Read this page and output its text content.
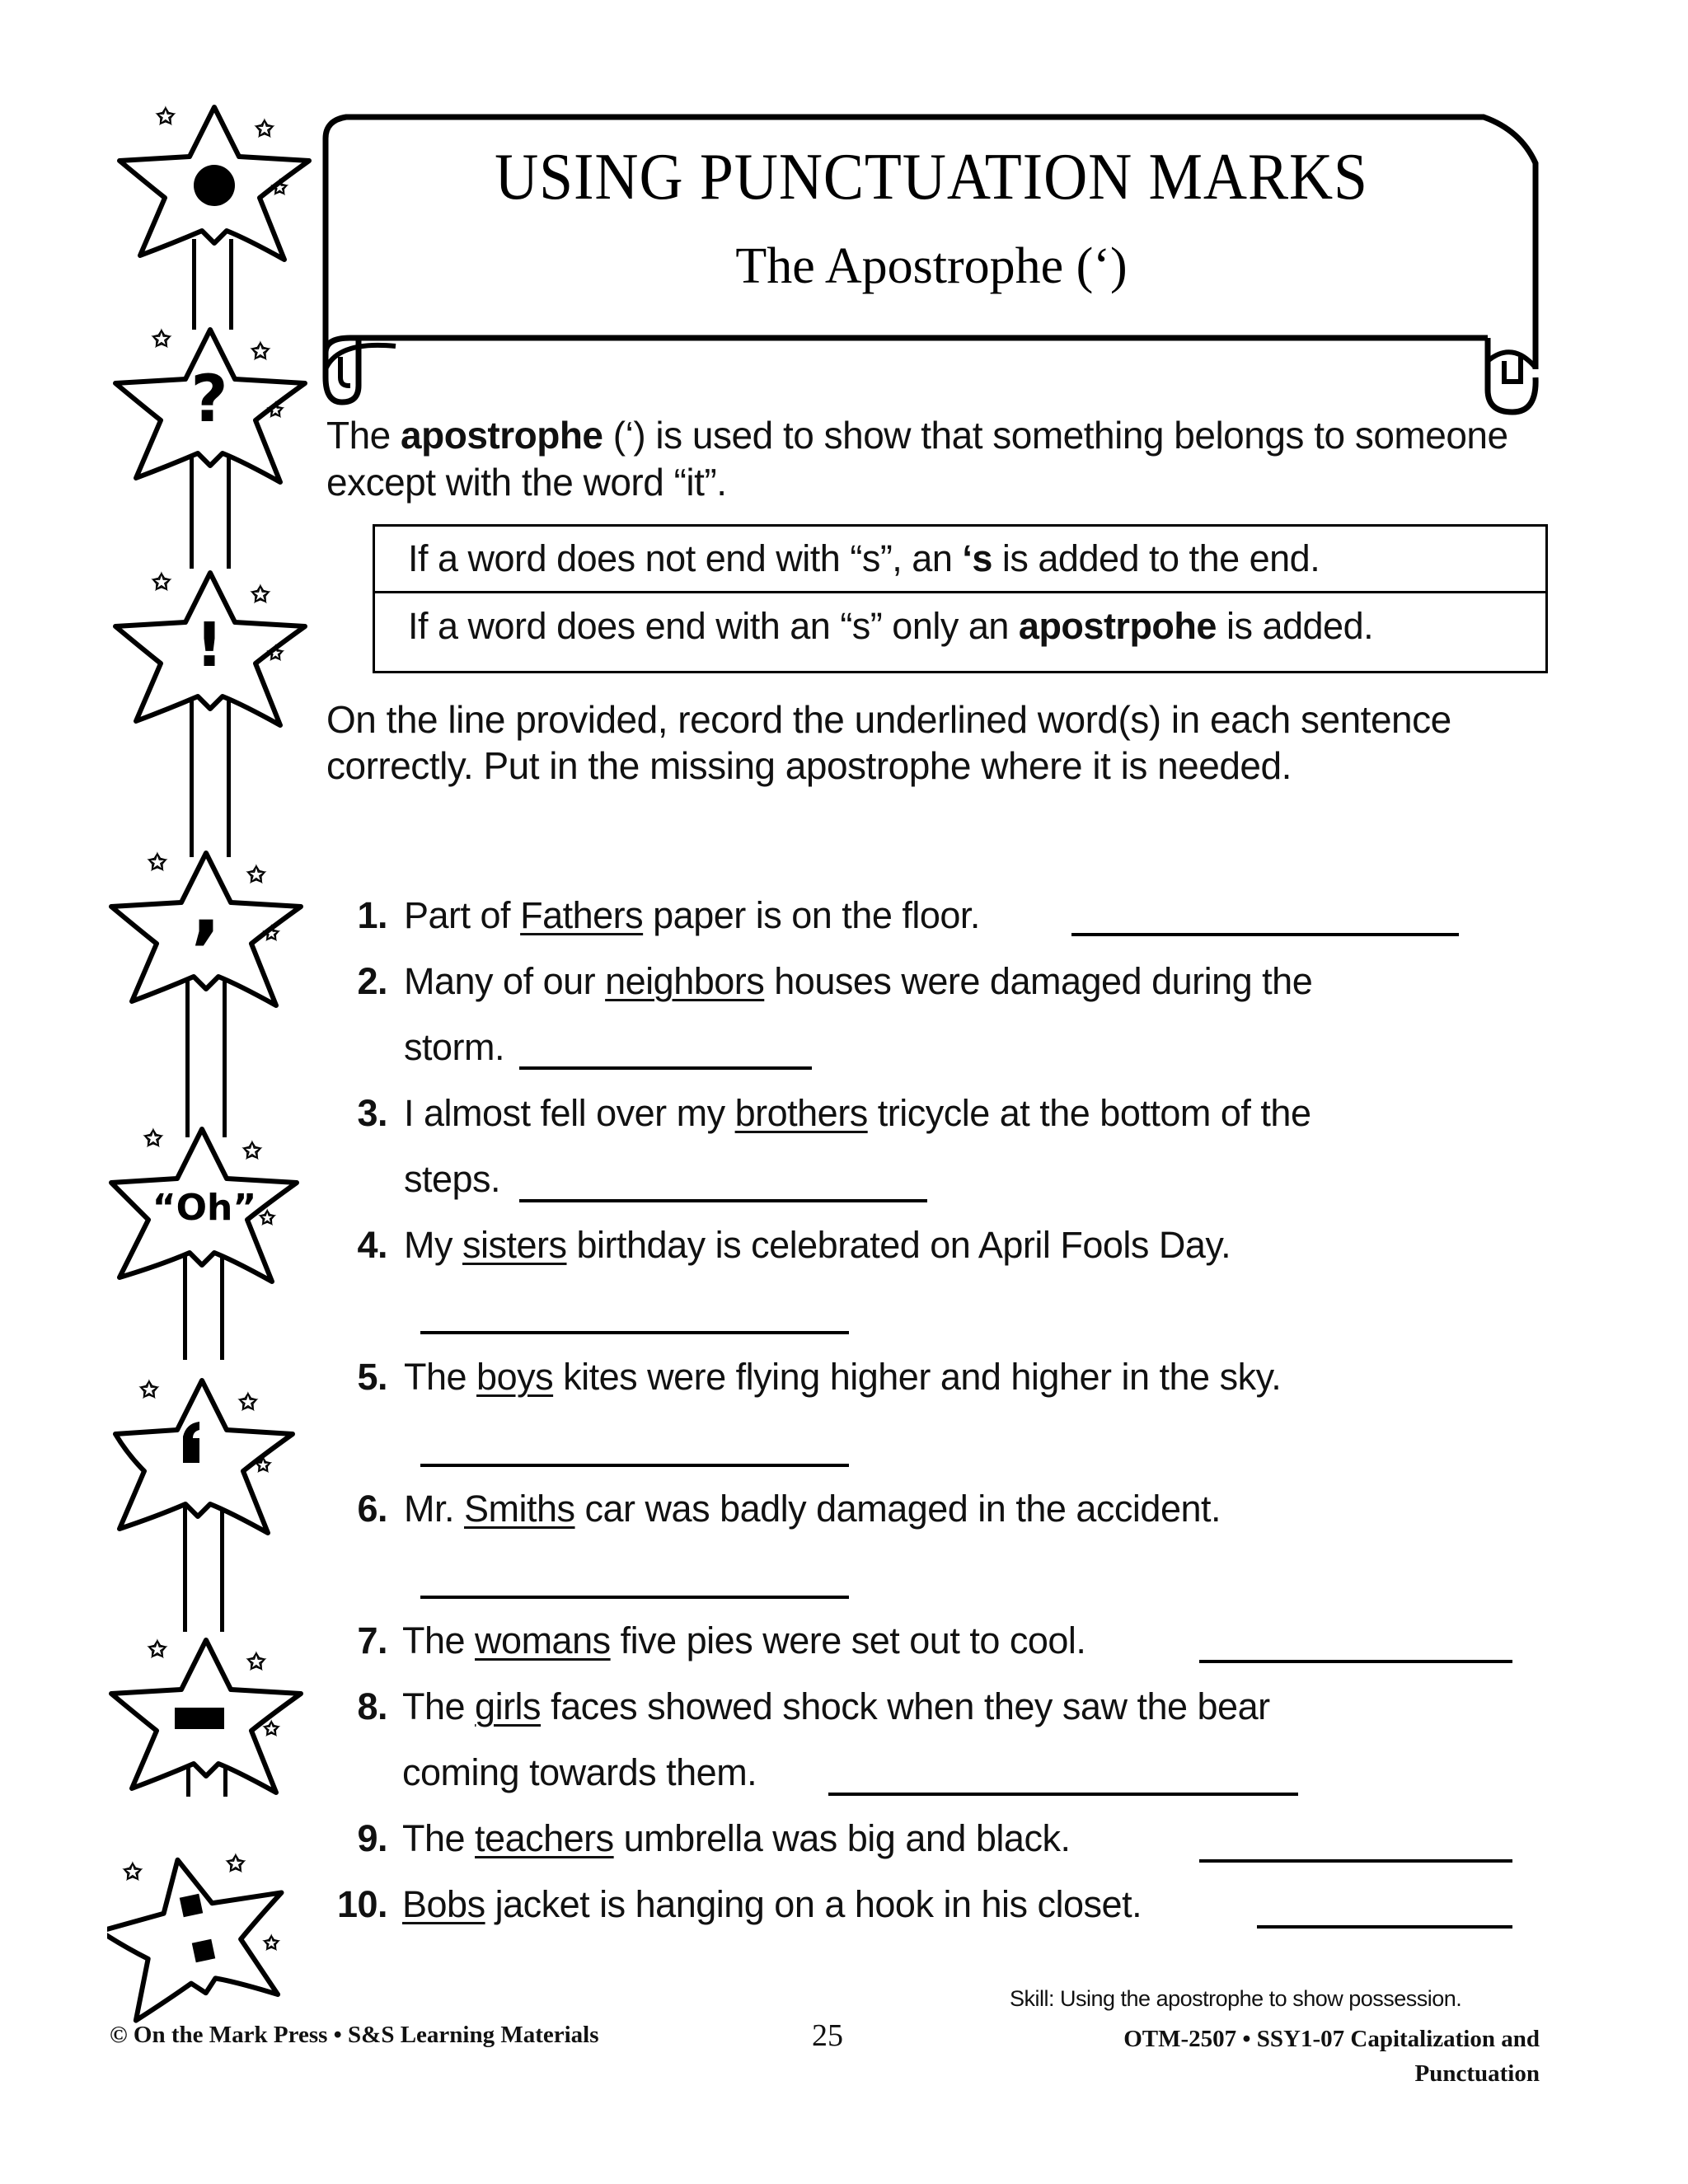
✩	✩
✩
✩	✩
✩
?
✩	✩
✩
!
✩	✩
✩
,
✩	✩
✩
“Oh”
✩	✩
✩
✩	✩
✩
✩	✩
✩
USING PUNCTUATION MARKS
The Apostrophe (‘)
The apostrophe (‘) is used to show that something belongs to someone except with the word “it”.
If a word does not end with “s”, an ‘s is added to the end.
If a word does end with an “s” only an apostrpohe is added.
On the line provided, record the underlined word(s) in each sentence correctly. Put in the missing apostrophe where it is needed.
1. Part of Fathers paper is on the floor.
2. Many of our neighbors houses were damaged during the
storm.
3. I almost fell over my brothers tricycle at the bottom of the
steps.
4. My sisters birthday is celebrated on April Fools Day.
5. The boys kites were flying higher and higher in the sky.
6. Mr. Smiths car was badly damaged in the accident.
7. The womans five pies were set out to cool.
8. The girls faces showed shock when they saw the bear
coming towards them.
9. The teachers umbrella was big and black.
10. Bobs jacket is hanging on a hook in his closet.
Skill: Using the apostrophe to show possession.
© On the Mark Press • S&S Learning Materials	25	OTM-2507 • SSY1-07 Capitalization and
Punctuation
